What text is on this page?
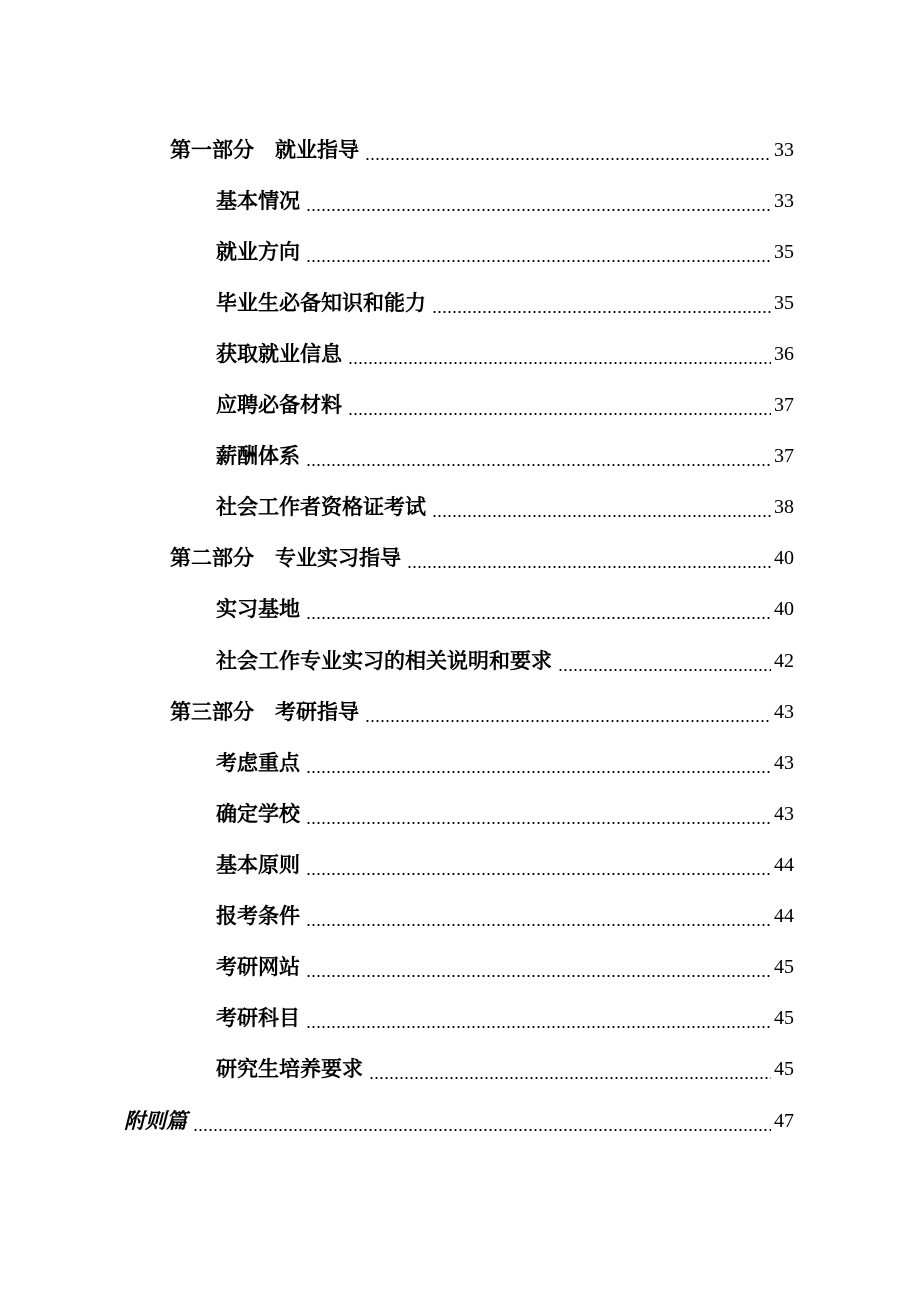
第一部分　就业指导	33
基本情况	33
就业方向	35
毕业生必备知识和能力	35
获取就业信息	36
应聘必备材料	37
薪酬体系	37
社会工作者资格证考试	38
第二部分　专业实习指导	40
实习基地	40
社会工作专业实习的相关说明和要求	42
第三部分　考研指导	43
考虑重点	43
确定学校	43
基本原则	44
报考条件	44
考研网站	45
考研科目	45
研究生培养要求	45
附则篇	47
